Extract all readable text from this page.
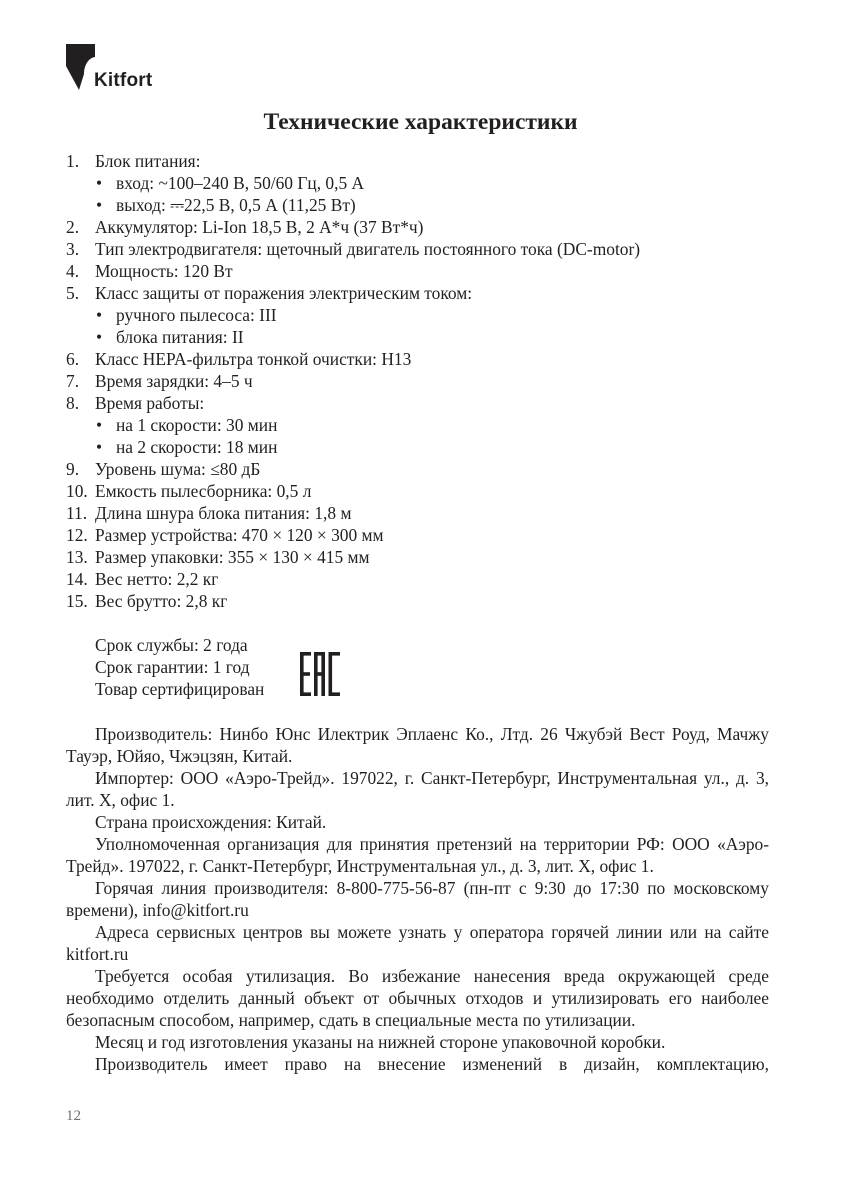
Kitfort
Технические характеристики
1. Блок питания:
• вход: ~100–240 В, 50/60 Гц, 0,5 А
• выход: ⎓22,5 В, 0,5 А (11,25 Вт)
2. Аккумулятор: Li-Ion 18,5 В, 2 А*ч (37 Вт*ч)
3. Тип электродвигателя: щеточный двигатель постоянного тока (DC-motor)
4. Мощность: 120 Вт
5. Класс защиты от поражения электрическим током:
• ручного пылесоса: III
• блока питания: II
6. Класс HEPA-фильтра тонкой очистки: H13
7. Время зарядки: 4–5 ч
8. Время работы:
• на 1 скорости: 30 мин
• на 2 скорости: 18 мин
9. Уровень шума: ≤80 дБ
10. Емкость пылесборника: 0,5 л
11. Длина шнура блока питания: 1,8 м
12. Размер устройства: 470 × 120 × 300 мм
13. Размер упаковки: 355 × 130 × 415 мм
14. Вес нетто: 2,2 кг
15. Вес брутто: 2,8 кг
Срок службы: 2 года
Срок гарантии: 1 год
Товар сертифицирован

Производитель: Нинбо Юнс Илектрик Эплаенс Ко., Лтд. 26 Чжубэй Вест Роуд, Мачжу Тауэр, Юйяо, Чжэцзян, Китай.

Импортер: ООО «Аэро-Трейд». 197022, г. Санкт-Петербург, Инструментальная ул., д. 3, лит. Х, офис 1.

Страна происхождения: Китай.

Уполномоченная организация для принятия претензий на территории РФ: ООО «Аэро-Трейд». 197022, г. Санкт-Петербург, Инструментальная ул., д. 3, лит. Х, офис 1.

Горячая линия производителя: 8-800-775-56-87 (пн-пт с 9:30 до 17:30 по московскому времени), info@kitfort.ru

Адреса сервисных центров вы можете узнать у оператора горячей линии или на сайте kitfort.ru

Требуется особая утилизация. Во избежание нанесения вреда окружающей среде необходимо отделить данный объект от обычных отходов и утилизировать его наиболее безопасным способом, например, сдать в специальные места по утилизации.

Месяц и год изготовления указаны на нижней стороне упаковочной коробки.

Производитель имеет право на внесение изменений в дизайн, комплектацию,

12
